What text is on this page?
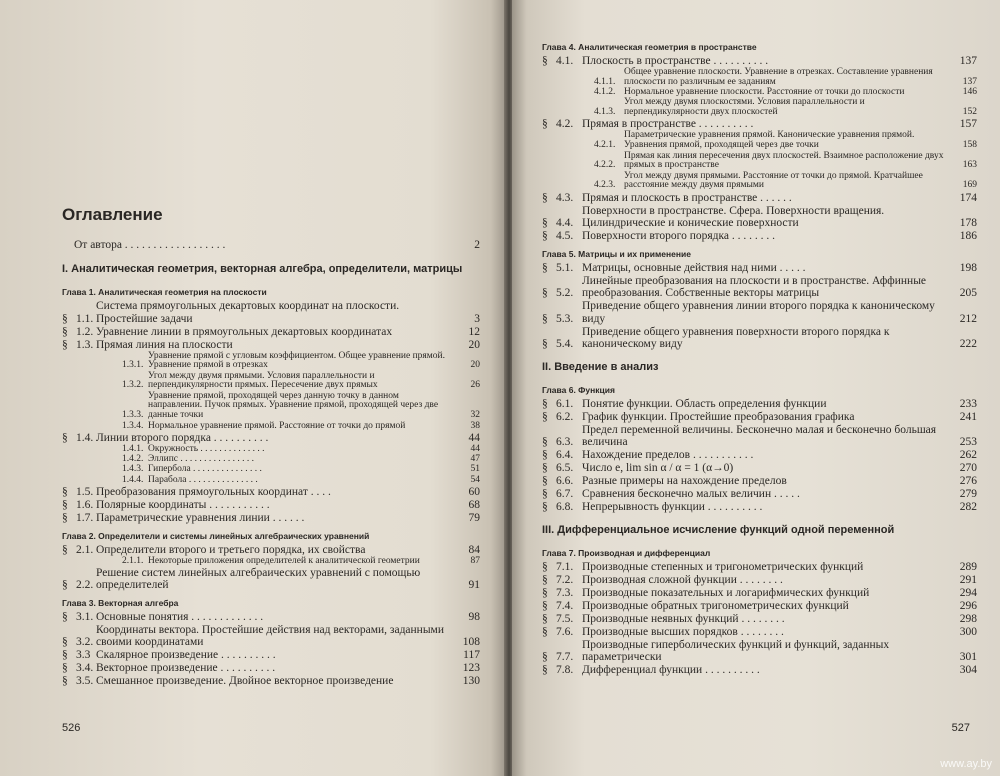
Оглавление
От автора . . . . . . . . . . . . . . . . . .	2
I. Аналитическая геометрия, векторная алгебра, определители, матрицы
Глава 1. Аналитическая геометрия на плоскости
§ 1.1.
Система прямоугольных декартовых координат на плоскости. Простейшие задачи	3
§ 1.2. Уравнение линии в прямоугольных декартовых координатах	12
§ 1.3. Прямая линия на плоскости	20
1.3.1.
Уравнение прямой с угловым коэффициентом. Общее уравнение прямой. Уравнение прямой в отрезках	20
1.3.2.
Угол между двумя прямыми. Условия параллельности и перпендикулярности прямых. Пересечение двух прямых	26
1.3.3.
Уравнение прямой, проходящей через данную точку в данном направлении. Пучок прямых. Уравнение прямой, проходящей через две данные точки	32
1.3.4. Нормальное уравнение прямой. Расстояние от точки до прямой	38
§ 1.4. Линии второго порядка . . . . . . . . . .	44
1.4.1. Окружность . . . . . . . . . . . . . .	44
1.4.2. Эллипс . . . . . . . . . . . . . . . .	47
1.4.3. Гипербола . . . . . . . . . . . . . . .	51
1.4.4. Парабола . . . . . . . . . . . . . . .	54
§ 1.5. Преобразования прямоугольных координат . . . .	60
§ 1.6. Полярные координаты . . . . . . . . . . .	68
§ 1.7. Параметрические уравнения линии . . . . . .	79
Глава 2. Определители и системы линейных алгебраических уравнений
§ 2.1. Определители второго и третьего порядка, их свойства	84
2.1.1. Некоторые приложения определителей к аналитической геометрии	87
§ 2.2.
Решение систем линейных алгебраических уравнений с помощью определителей	91
Глава 3. Векторная алгебра
§ 3.1. Основные понятия . . . . . . . . . . . . .	98
§ 3.2.
Координаты вектора. Простейшие действия над векторами, заданными своими координатами	108
§ 3.3 Скалярное произведение . . . . . . . . . .	117
§ 3.4. Векторное произведение . . . . . . . . . .	123
§ 3.5. Смешанное произведение. Двойное векторное произведение	130
526
Глава 4. Аналитическая геометрия в пространстве
§ 4.1. Плоскость в пространстве . . . . . . . . . .	137
4.1.1.
Общее уравнение плоскости. Уравнение в отрезках. Составление уравнения плоскости по различным ее заданиям	137
4.1.2. Нормальное уравнение плоскости. Расстояние от точки до плоскости	146
4.1.3.
Угол между двумя плоскостями. Условия параллельности и перпендикулярности двух плоскостей	152
§ 4.2. Прямая в пространстве . . . . . . . . . .	157
4.2.1.
Параметрические уравнения прямой. Канонические уравнения прямой. Уравнения прямой, проходящей через две точки	158
4.2.2.
Прямая как линия пересечения двух плоскостей. Взаимное расположение двух прямых в пространстве	163
4.2.3.
Угол между двумя прямыми. Расстояние от точки до прямой. Кратчайшее расстояние между двумя прямыми	169
§ 4.3. Прямая и плоскость в пространстве . . . . . .	174
§ 4.4.
Поверхности в пространстве. Сфера. Поверхности вращения. Цилиндрические и конические поверхности	178
§ 4.5. Поверхности второго порядка . . . . . . . .	186
Глава 5. Матрицы и их применение
§ 5.1. Матрицы, основные действия над ними . . . . .	198
§ 5.2.
Линейные преобразования на плоскости и в пространстве. Аффинные преобразования. Собственные векторы матрицы	205
§ 5.3.
Приведение общего уравнения линии второго порядка к каноническому виду	212
§ 5.4.
Приведение общего уравнения поверхности второго порядка к каноническому виду	222
II. Введение в анализ
Глава 6. Функция
§ 6.1. Понятие функции. Область определения функции	233
§ 6.2. График функции. Простейшие преобразования графика	241
§ 6.3.
Предел переменной величины. Бесконечно малая и бесконечно большая величина	253
§ 6.4. Нахождение пределов . . . . . . . . . . .	262
§ 6.5. Число e, lim sin α / α = 1 (α→0)	270
§ 6.6. Разные примеры на нахождение пределов	276
§ 6.7. Сравнения бесконечно малых величин . . . . .	279
§ 6.8. Непрерывность функции . . . . . . . . . .	282
III. Дифференциальное исчисление функций одной переменной
Глава 7. Производная и дифференциал
§ 7.1. Производные степенных и тригонометрических функций	289
§ 7.2. Производная сложной функции . . . . . . . .	291
§ 7.3. Производные показательных и логарифмических функций	294
§ 7.4. Производные обратных тригонометрических функций	296
§ 7.5. Производные неявных функций . . . . . . . .	298
§ 7.6. Производные высших порядков . . . . . . . .	300
§ 7.7.
Производные гиперболических функций и функций, заданных параметрически	301
§ 7.8. Дифференциал функции . . . . . . . . . .	304
527
www.ay.by
